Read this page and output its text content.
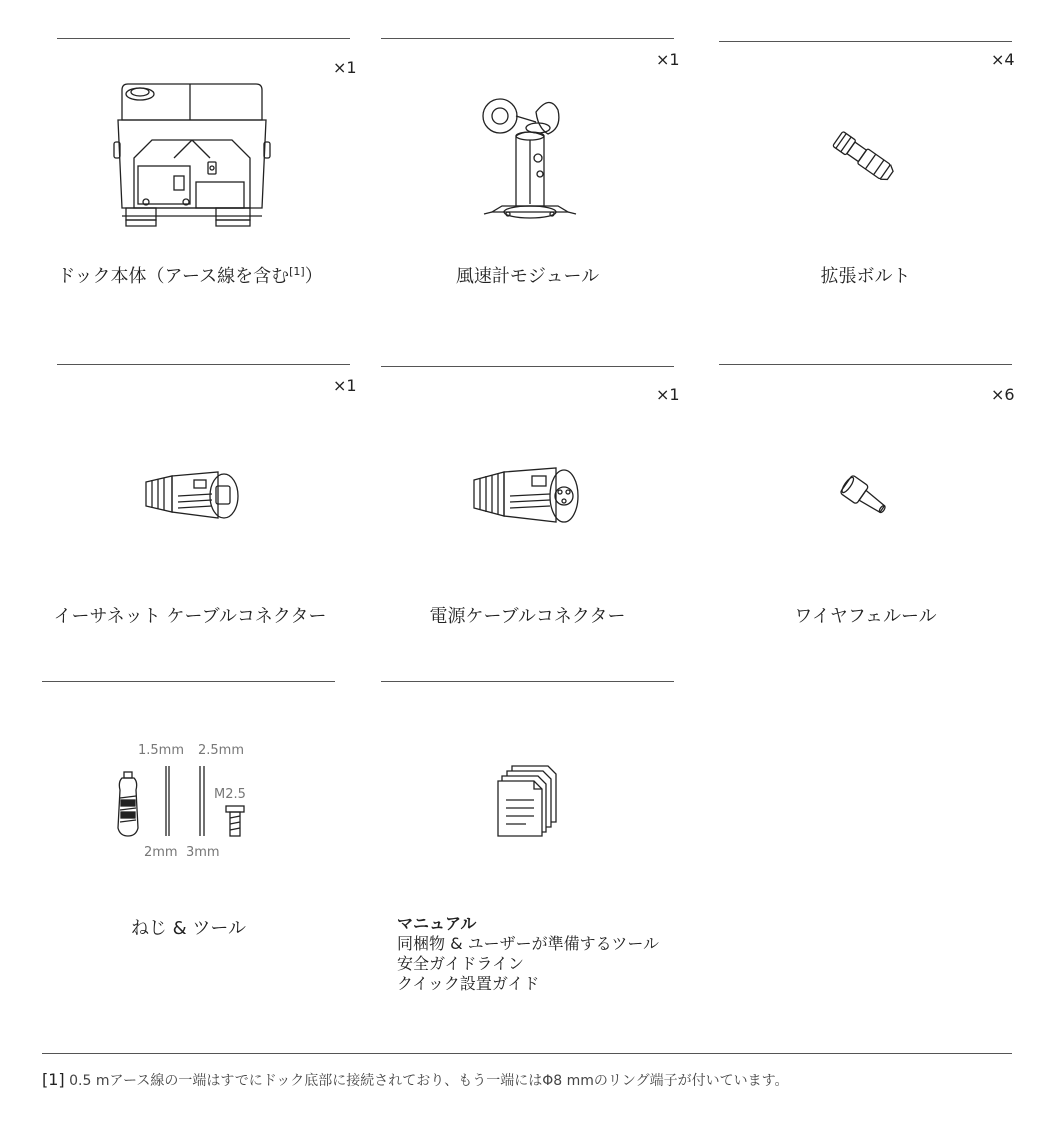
×1	×1	×4
ドック本体（アース線を含む[1]）	風速計モジュール	拡張ボルト
×1	×1	×6
イーサネット ケーブルコネクター	電源ケーブルコネクター	ワイヤフェルール
1.5mm 2.5mm
M2.5
2mm 3mm
ねじ & ツール	マニュアル
同梱物 & ユーザーが準備するツール
安全ガイドライン
クイック設置ガイド
[1] 0.5 mアース線の一端はすでにドック底部に接続されており、もう一端にはΦ8 mmのリング端子が付いています。
